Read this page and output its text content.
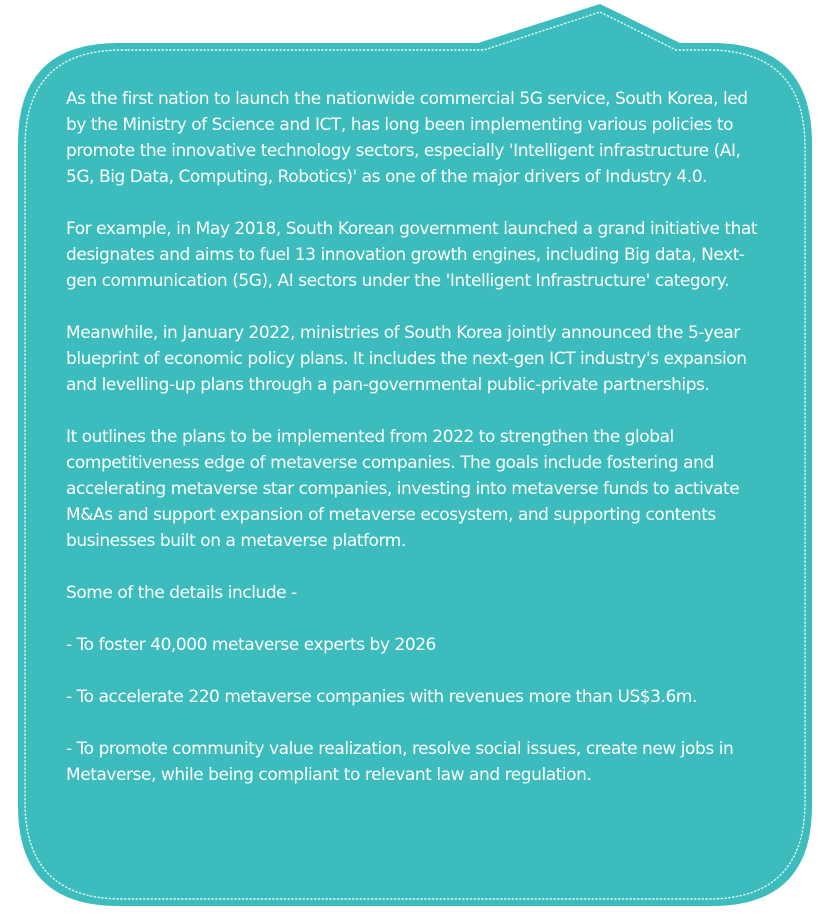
As the first nation to launch the nationwide commercial 5G service, South Korea, led by the Ministry of Science and ICT, has long been implementing various policies to promote the innovative technology sectors, especially 'Intelligent infrastructure (AI, 5G, Big Data, Computing, Robotics)' as one of the major drivers of Industry 4.0.

For example, in May 2018, South Korean government launched a grand initiative that designates and aims to fuel 13 innovation growth engines, including Big data, Next-gen communication (5G), AI sectors under the 'Intelligent Infrastructure' category.

Meanwhile, in January 2022, ministries of South Korea jointly announced the 5-year blueprint of economic policy plans. It includes the next-gen ICT industry's expansion and levelling-up plans through a pan-governmental public-private partnerships.

It outlines the plans to be implemented from 2022 to strengthen the global competitiveness edge of metaverse companies. The goals include fostering and accelerating metaverse star companies, investing into metaverse funds to activate M&As and support expansion of metaverse ecosystem, and supporting contents businesses built on a metaverse platform.

Some of the details include -

- To foster 40,000 metaverse experts by 2026

- To accelerate 220 metaverse companies with revenues more than US$3.6m.

- To promote community value realization, resolve social issues, create new jobs in Metaverse, while being compliant to relevant law and regulation.
